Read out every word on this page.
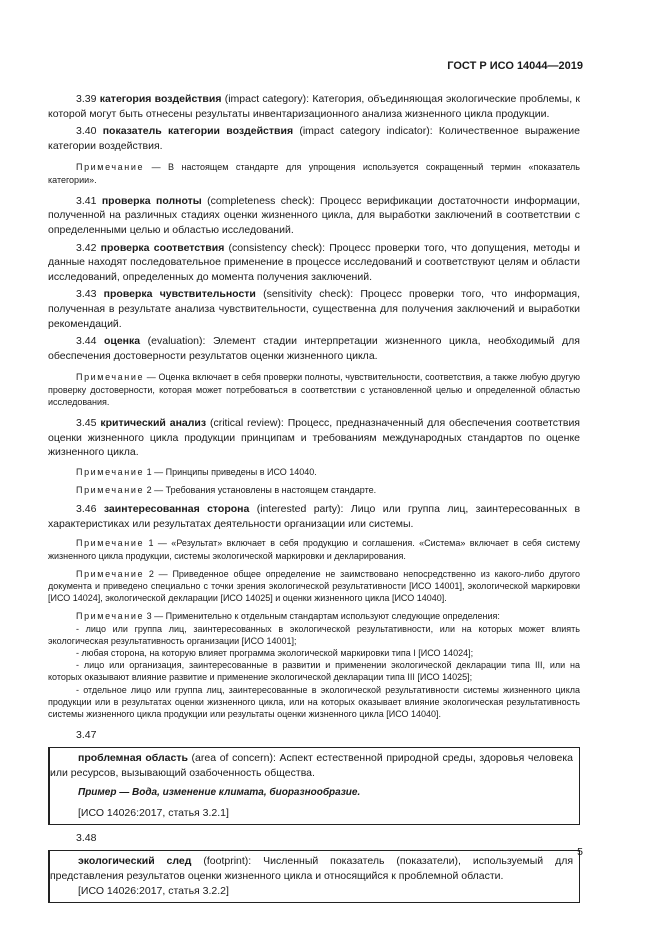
ГОСТ Р ИСО 14044—2019

3.39 категория воздействия (impact category): Категория, объединяющая экологические проблемы, к которой могут быть отнесены результаты инвентаризационного анализа жизненного цикла продукции.

3.40 показатель категории воздействия (impact category indicator): Количественное выражение категории воздействия.

Примечание — В настоящем стандарте для упрощения используется сокращенный термин «показатель категории».

3.41 проверка полноты (completeness check): Процесс верификации достаточности информации, полученной на различных стадиях оценки жизненного цикла, для выработки заключений в соответствии с определенными целью и областью исследований.

3.42 проверка соответствия (consistency check): Процесс проверки того, что допущения, методы и данные находят последовательное применение в процессе исследований и соответствуют целям и области исследований, определенных до момента получения заключений.

3.43 проверка чувствительности (sensitivity check): Процесс проверки того, что информация, полученная в результате анализа чувствительности, существенна для получения заключений и выработки рекомендаций.

3.44 оценка (evaluation): Элемент стадии интерпретации жизненного цикла, необходимый для обеспечения достоверности результатов оценки жизненного цикла.

Примечание — Оценка включает в себя проверки полноты, чувствительности, соответствия, а также любую другую проверку достоверности, которая может потребоваться в соответствии с установленной целью и определенной областью исследования.

3.45 критический анализ (critical review): Процесс, предназначенный для обеспечения соответствия оценки жизненного цикла продукции принципам и требованиям международных стандартов по оценке жизненного цикла.

Примечание 1 — Принципы приведены в ИСО 14040.

Примечание 2 — Требования установлены в настоящем стандарте.

3.46 заинтересованная сторона (interested party): Лицо или группа лиц, заинтересованных в характеристиках или результатах деятельности организации или системы.

Примечание 1 — «Результат» включает в себя продукцию и соглашения. «Система» включает в себя систему жизненного цикла продукции, системы экологической маркировки и декларирования.

Примечание 2 — Приведенное общее определение не заимствовано непосредственно из какого-либо другого документа и приведено специально с точки зрения экологической результативности [ИСО 14001], экологической маркировки [ИСО 14024], экологической декларации [ИСО 14025] и оценки жизненного цикла [ИСО 14040].

Примечание 3 — Применительно к отдельным стандартам используют следующие определения:

- лицо или группа лиц, заинтересованных в экологической результативности, или на которых может влиять экологическая результативность организации [ИСО 14001];

- любая сторона, на которую влияет программа экологической маркировки типа I [ИСО 14024];

- лицо или организация, заинтересованные в развитии и применении экологической декларации типа III, или на которых оказывают влияние развитие и применение экологической декларации типа III [ИСО 14025];

- отдельное лицо или группа лиц, заинтересованные в экологической результативности системы жизненного цикла продукции или в результатах оценки жизненного цикла, или на которых оказывает влияние экологическая результативность системы жизненного цикла продукции или результаты оценки жизненного цикла [ИСО 14040].

3.47

проблемная область (area of concern): Аспект естественной природной среды, здоровья человека или ресурсов, вызывающий озабоченность общества.

Пример — Вода, изменение климата, биоразнообразие.

[ИСО 14026:2017, статья 3.2.1]

3.48

экологический след (footprint): Численный показатель (показатели), используемый для представления результатов оценки жизненного цикла и относящийся к проблемной области.

[ИСО 14026:2017, статья 3.2.2]

5
